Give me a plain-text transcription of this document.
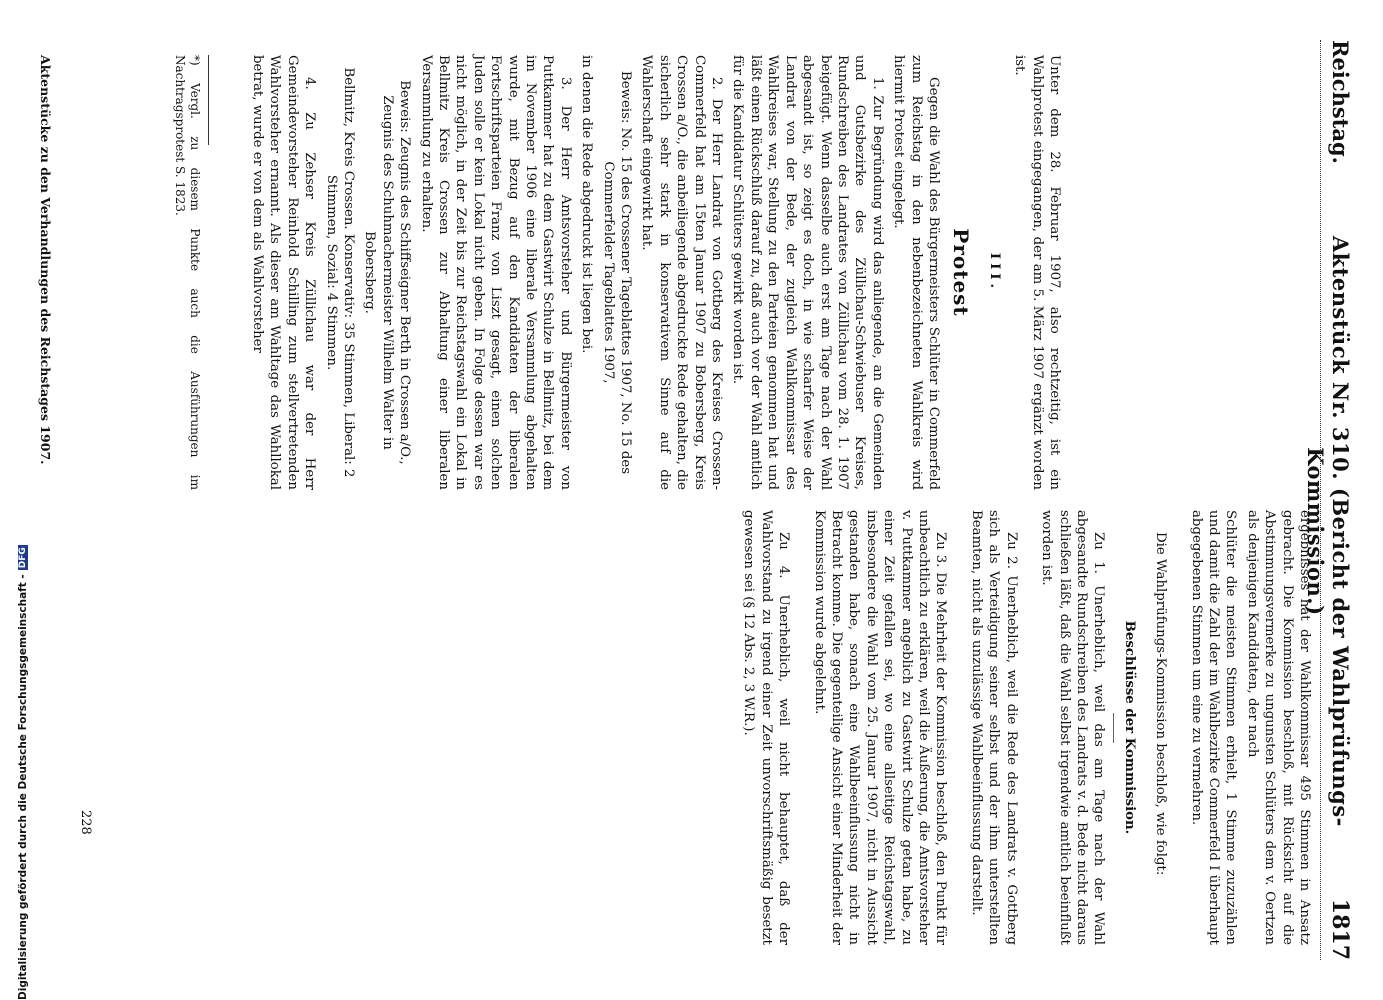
Reichstag.
Aktenstück Nr. 310. (Bericht der Wahlprüfungs-Kommission.)
1817

Unter dem 28. Februar 1907, also rechtzeitig, ist ein Wahlprotest eingegangen, der am 5. März 1907 ergänzt worden ist.

III.
Protest

Gegen die Wahl des Bürgermeisters Schlüter in Commerfeld zum Reichstag in den nebenbezeichneten Wahlkreis wird hiermit Protest eingelegt.

1. Zur Begründung wird das anliegende, an die Gemeinden und Gutsbezirke des Züllichau-Schwiebuser Kreises, Rundschreiben des Landrates von Züllichau vom 28. 1. 1907 beigefügt. Wenn dasselbe auch erst am Tage nach der Wahl abgesandt ist, so zeigt es doch, in wie scharfer Weise der Landrat von der Bede, der zugleich Wahlkommissar des Wahlkreises war, Stellung zu den Parteien genommen hat und läßt einen Rückschluß darauf zu, daß auch vor der Wahl amtlich für die Kandidatur Schlüters gewirkt worden ist.

2. Der Herr Landrat von Gottberg des Kreises Crossen-Commerfeld hat am 15ten Januar 1907 zu Bobersberg, Kreis Crossen a/O., die anbeiliegende abgedruckte Rede gehalten, die sicherlich sehr stark in konservativem Sinne auf die Wahlerschaft eingewirkt hat.

Beweis: No. 15 des Crossener Tageblattes 1907, No. 15 des Commerfelder Tageblattes 1907,

in denen die Rede abgedruckt ist liegen bei.

3. Der Herr Amtsvorsteher und Bürgermeister von Puttkammer hat zu dem Gastwirt Schulze in Bellmitz, bei dem im November 1906 eine liberale Versammlung abgehalten wurde, mit Bezug auf den Kandidaten der liberalen Fortschriftsparteien Franz von Liszt gesagt, einen solchen Juden solle er kein Lokal nicht geben. In Folge dessen war es nicht möglich, in der Zeit bis zur Reichstagswahl ein Lokal in Bellmitz Kreis Crossen zur Abhaltung einer liberalen Versammlung zu erhalten.

Beweis: Zeugnis des Schiffseigner Berth in Crossen a/O., Zeugnis des Schuhmachermeister Wilhelm Walter in Bobersberg.

Bellmitz, Kreis Crossen. Konservativ: 35 Stimmen, Liberal: 2 Stimmen, Sozial: 4 Stimmen.

4. Zu Zehser Kreis Züllichau war der Herr Gemeindevorsteher Reinhold Schilling zum stellvertretenden Wahlvorsteher ernannt. Als dieser am Wahltage das Wahllokal betrat, wurde er von dem als Wahlvorsteher

*) Vergl. zu diesem Punkte auch die Ausführungen im Nachtragsprotest S. 1823.

ergebnisses hat der Wahlkommissar 495 Stimmen in Ansatz gebracht. Die Kommission beschloß, mit Rücksicht auf die Abstimmungsvermerke zu ungunsten Schlüters dem v. Oertzen als denjenigen Kandidaten, der nach

Schlüter die meisten Stimmen erhielt, 1 Stimme zuzuzählen und damit die Zahl der im Wahlbezirke Commerfeld I überhaupt abgegebenen Stimmen um eine zu vermehren.

Die Wahlprüfungs-Kommission beschloß, wie folgt:

Beschlüsse der Kommission.

Zu 1. Unerheblich, weil das am Tage nach der Wahl abgesandte Rundschreiben des Landrats v. d. Bede nicht daraus schließen läßt, daß die Wahl selbst irgendwie amtlich beeinflußt worden ist.

Zu 2. Unerheblich, weil die Rede des Landrats v. Gottberg sich als Verteidigung seiner selbst und der ihm unterstellten Beamten, nicht als unzulässige Wahlbeeinflussung darstellt.

Zu 3. Die Mehrheit der Kommission beschloß, den Punkt für unbeachtlich zu erklären, weil die Äußerung, die Amtsvorsteher v. Puttkammer angeblich zu Gastwirt Schulze getan habe, zu einer Zeit gefallen sei, wo eine allseitige Reichstagswahl, insbesondere die Wahl vom 25. Januar 1907, nicht in Aussicht gestanden habe, sonach eine Wahlbeeinflussung nicht in Betracht komme. Die gegenteilige Ansicht einer Minderheit der Kommission wurde abgelehnt.

Zu 4. Unerheblich, weil nicht behauptet, daß der Wahlvorstand zu irgend einer Zeit unvorschriftsmäßig besetzt gewesen sei (§ 12 Abs. 2, 3 W.R.).

Aktenstücke zu den Verhandlungen des Reichstages 1907.
228
Digitalisierung gefördert durch die Deutsche Forschungsgemeinschaft -
DFG
